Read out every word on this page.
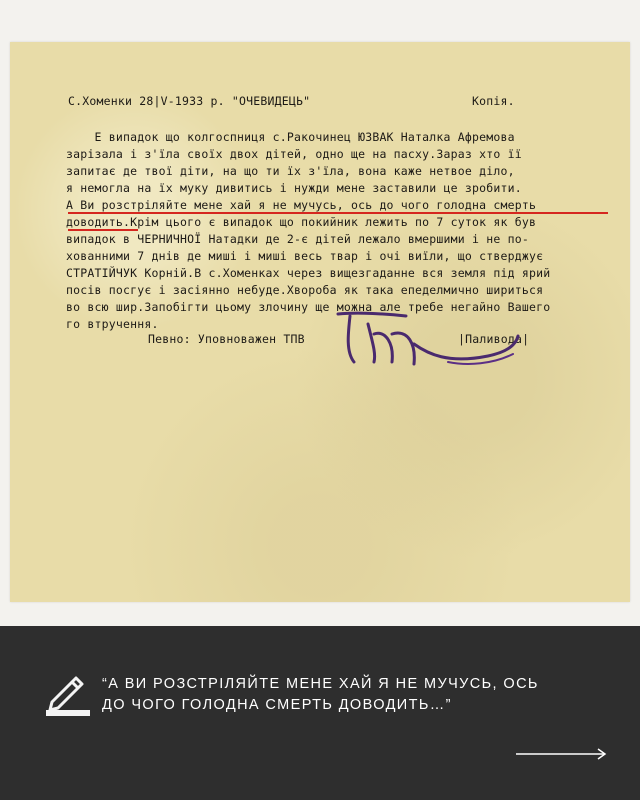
С.Хоменки 28|V-1933 р. "ОЧЕВИДЕЦЬ"	Копія.
Е випадок що колгоспниця с.Ракочинец ЮЗВАК Наталка Афремова
зарізала і з'їла своїх двох дітей, одно ще на пасху.Зараз хто її
запитає де твої діти, на що ти їх з'їла, вона каже нетвое діло,
я немогла на їх муку дивитись і нужди мене заставили це зробити.
А Ви розстріляйте мене хай я не мучусь, ось до чого голодна смерть
доводить.Крім цього є випадок що покийник лежить по 7 суток як був
випадок в ЧЕРНИЧНОЇ Натадки де 2-є дітей лежало вмершими і не по-
хованними 7 днів де миші і миші весь твар і очі виїли, що стверджує
СТРАТІЙЧУК Корній.В с.Хоменках через вищезгаданне вся земля під ярий
посів посгує і засіянно небуде.Хвороба як така епеделмично шириться
во всю шир.Запобігти цьому злочину ще можна але требе негайно Вашего
го втручення.
Певно: Уповноважен ТПВ	|Паливода|
“А ВИ РОЗСТРІЛЯЙТЕ МЕНЕ ХАЙ Я НЕ МУЧУСЬ, ОСЬ
ДО ЧОГО ГОЛОДНА СМЕРТЬ ДОВОДИТЬ…”
